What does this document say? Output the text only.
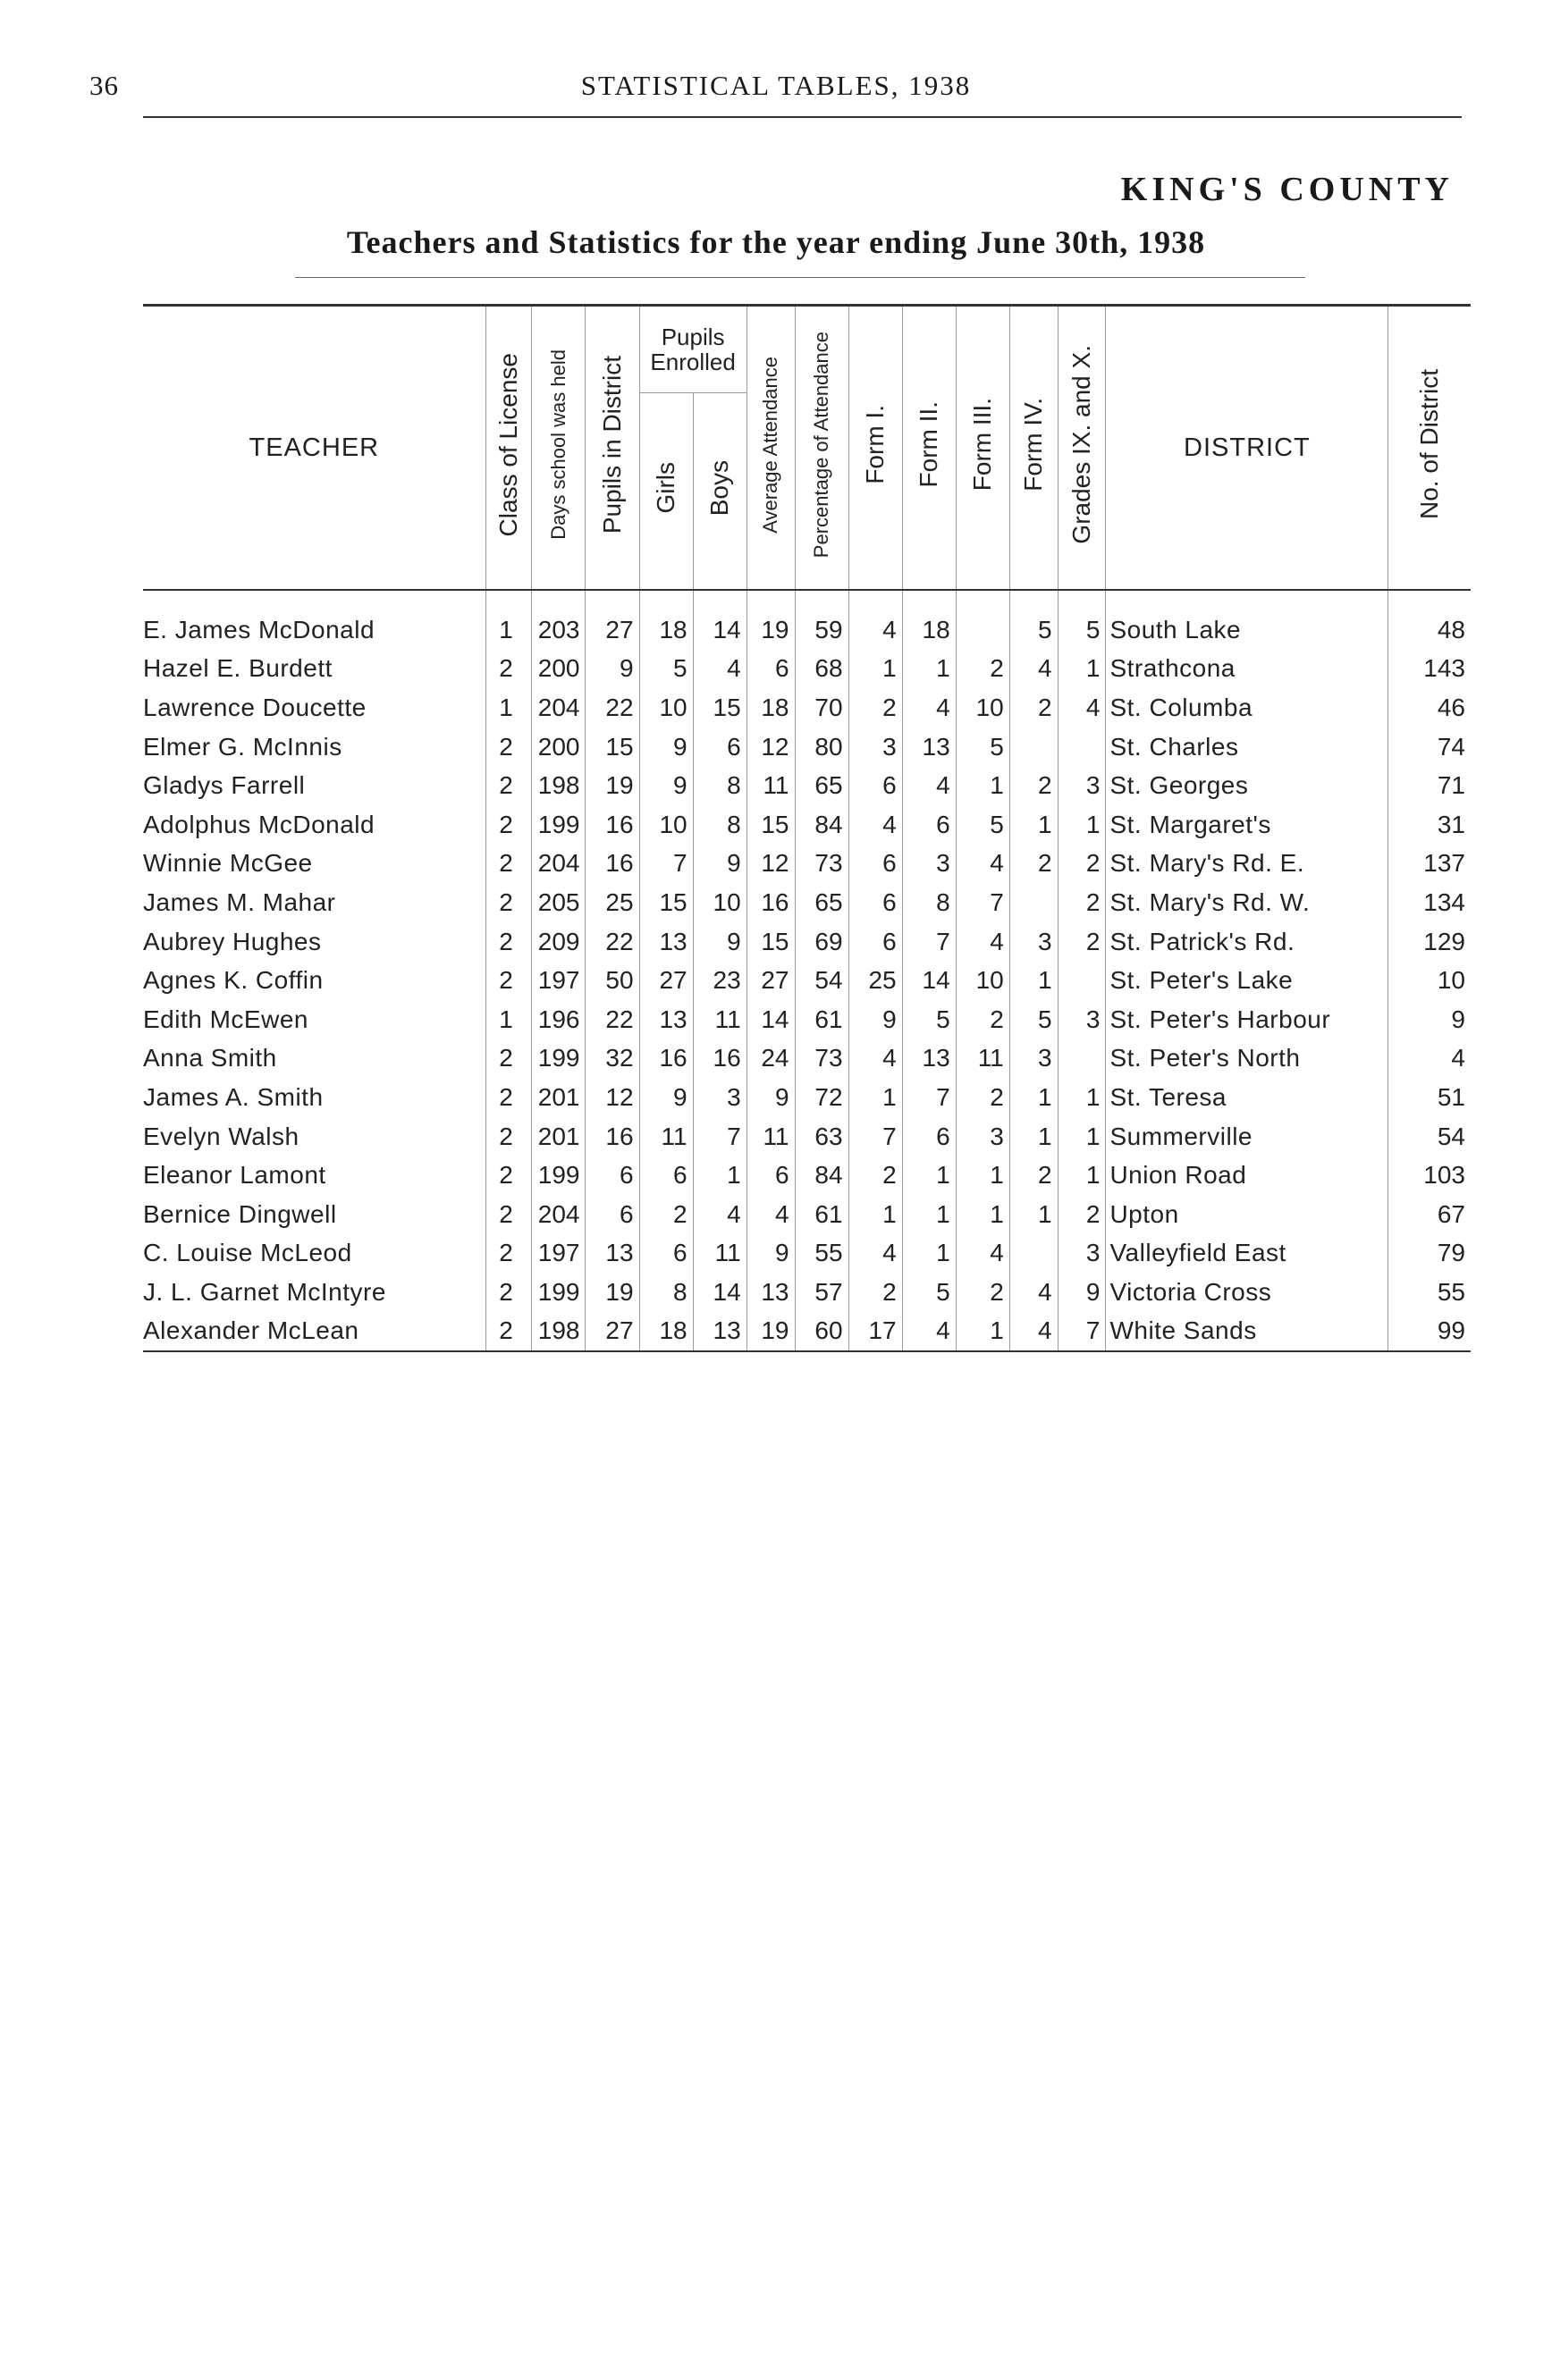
36	STATISTICAL TABLES, 1938
KING'S COUNTY
Teachers and Statistics for the year ending June 30th, 1938
TEACHER	Class of License	Days school was held	Pupils in District	Pupils Enrolled		Average Attendance	Percentage of Attendance	Form I.	Form II.	Form III.	Form IV.	Grades IX. and X.	DISTRICT	No. of District
				Girls	Boys									

E. James McDonald	1	203	27	18	14	19	59	4	18		5	5	South Lake	48
Hazel E. Burdett	2	200	9	5	4	6	68	1	1	2	4	1	Strathcona	143
Lawrence Doucette	1	204	22	10	15	18	70	2	4	10	2	4	St. Columba	46
Elmer G. McInnis	2	200	15	9	6	12	80	3	13	5			St. Charles	74
Gladys Farrell	2	198	19	9	8	11	65	6	4	1	2	3	St. Georges	71
Adolphus McDonald	2	199	16	10	8	15	84	4	6	5	1	1	St. Margaret's	31
Winnie McGee	2	204	16	7	9	12	73	6	3	4	2	2	St. Mary's Rd. E.	137
James M. Mahar	2	205	25	15	10	16	65	6	8	7		2	St. Mary's Rd. W.	134
Aubrey Hughes	2	209	22	13	9	15	69	6	7	4	3	2	St. Patrick's Rd.	129
Agnes K. Coffin	2	197	50	27	23	27	54	25	14	10	1		St. Peter's Lake	10
Edith McEwen	1	196	22	13	11	14	61	9	5	2	5	3	St. Peter's Harbour	9
Anna Smith	2	199	32	16	16	24	73	4	13	11	3		St. Peter's North	4
James A. Smith	2	201	12	9	3	9	72	1	7	2	1	1	St. Teresa	51
Evelyn Walsh	2	201	16	11	7	11	63	7	6	3	1	1	Summerville	54
Eleanor Lamont	2	199	6	6	1	6	84	2	1	1	2	1	Union Road	103
Bernice Dingwell	2	204	6	2	4	4	61	1	1	1	1	2	Upton	67
C. Louise McLeod	2	197	13	6	11	9	55	4	1	4		3	Valleyfield East	79
J. L. Garnet McIntyre	2	199	19	8	14	13	57	2	5	2	4	9	Victoria Cross	55
Alexander McLean	2	198	27	18	13	19	60	17	4	1	4	7	White Sands	99
